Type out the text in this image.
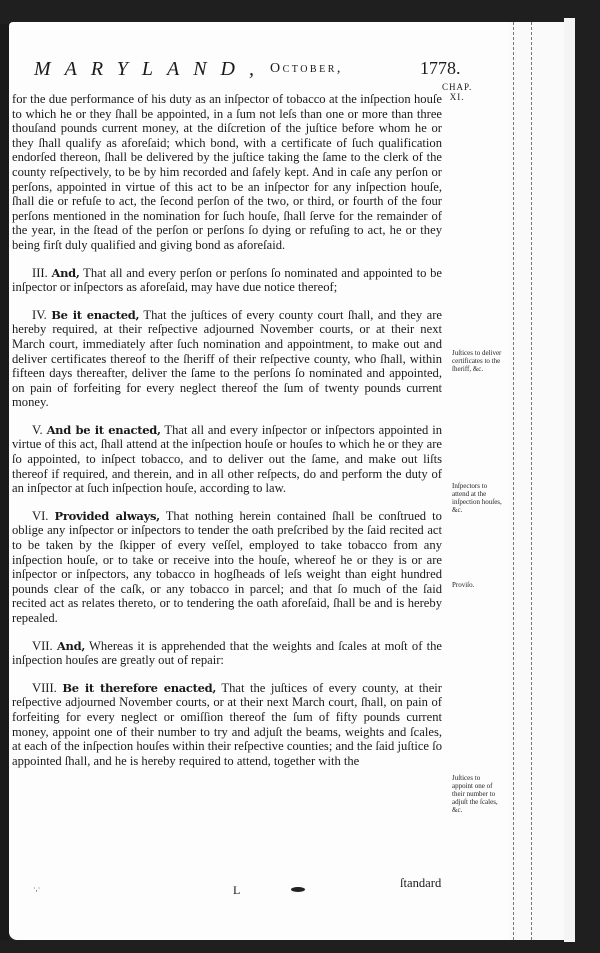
MARYLAND, October,	1778.
CHAP.
XI.

for the due performance of his duty as an inſpector of tobacco at the inſpection houſe to which he or they ſhall be appointed, in a ſum not leſs than one or more than three thouſand pounds current money, at the diſcretion of the juſtice before whom he or they ſhall qualify as aforeſaid; which bond, with a certificate of ſuch qualification endorſed thereon, ſhall be delivered by the juſtice taking the ſame to the clerk of the county reſpectively, to be by him recorded and ſafely kept. And in caſe any perſon or perſons, appointed in virtue of this act to be an inſpector for any inſpection houſe, ſhall die or refuſe to act, the ſecond perſon of the two, or third, or fourth of the four perſons mentioned in the nomination for ſuch houſe, ſhall ſerve for the remainder of the year, in the ſtead of the perſon or perſons ſo dying or refuſing to act, he or they being firſt duly qualified and giving bond as aforeſaid.

III. And, That all and every perſon or perſons ſo nominated and appointed to be inſpector or inſpectors as aforeſaid, may have due notice thereof;

IV. Be it enacted, That the juſtices of every county court ſhall, and they are hereby required, at their reſpective adjourned November courts, or at their next March court, immediately after ſuch nomination and appointment, to make out and deliver certificates thereof to the ſheriff of their reſpective county, who ſhall, within fifteen days thereafter, deliver the ſame to the perſons ſo nominated and appointed, on pain of forfeiting for every neglect thereof the ſum of twenty pounds current money.

V. And be it enacted, That all and every inſpector or inſpectors appointed in virtue of this act, ſhall attend at the inſpection houſe or houſes to which he or they are ſo appointed, to inſpect tobacco, and to deliver out the ſame, and make out liſts thereof if required, and therein, and in all other reſpects, do and perform the duty of an inſpector at ſuch inſpection houſe, according to law.

VI. Provided always, That nothing herein contained ſhall be conſtrued to oblige any inſpector or inſpectors to tender the oath preſcribed by the ſaid recited act to be taken by the ſkipper of every veſſel, employed to take tobacco from any inſpection houſe, or to take or receive into the houſe, whereof he or they is or are inſpector or inſpectors, any tobacco in hogſheads of leſs weight than eight hundred pounds clear of the caſk, or any tobacco in parcel; and that ſo much of the ſaid recited act as relates thereto, or to tendering the oath aforeſaid, ſhall be and is hereby repealed.

VII. And, Whereas it is apprehended that the weights and ſcales at moſt of the inſpection houſes are greatly out of repair:

VIII. Be it therefore enacted, That the juſtices of every county, at their reſpective adjourned November courts, or at their next March court, ſhall, on pain of forfeiting for every neglect or omiſſion thereof the ſum of fifty pounds current money, appoint one of their number to try and adjuſt the beams, weights and ſcales, at each of the inſpection houſes within their reſpective counties; and the ſaid juſtice ſo appointed ſhall, and he is hereby required to attend, together with the

Juſtices to deliver certificates to the ſheriff, &c.
Inſpectors to attend at the inſpection houſes, &c.
Proviſo.
Juſtices to appoint one of their number to adjuſt the ſcales, &c.
·,·	L	ſtandard
